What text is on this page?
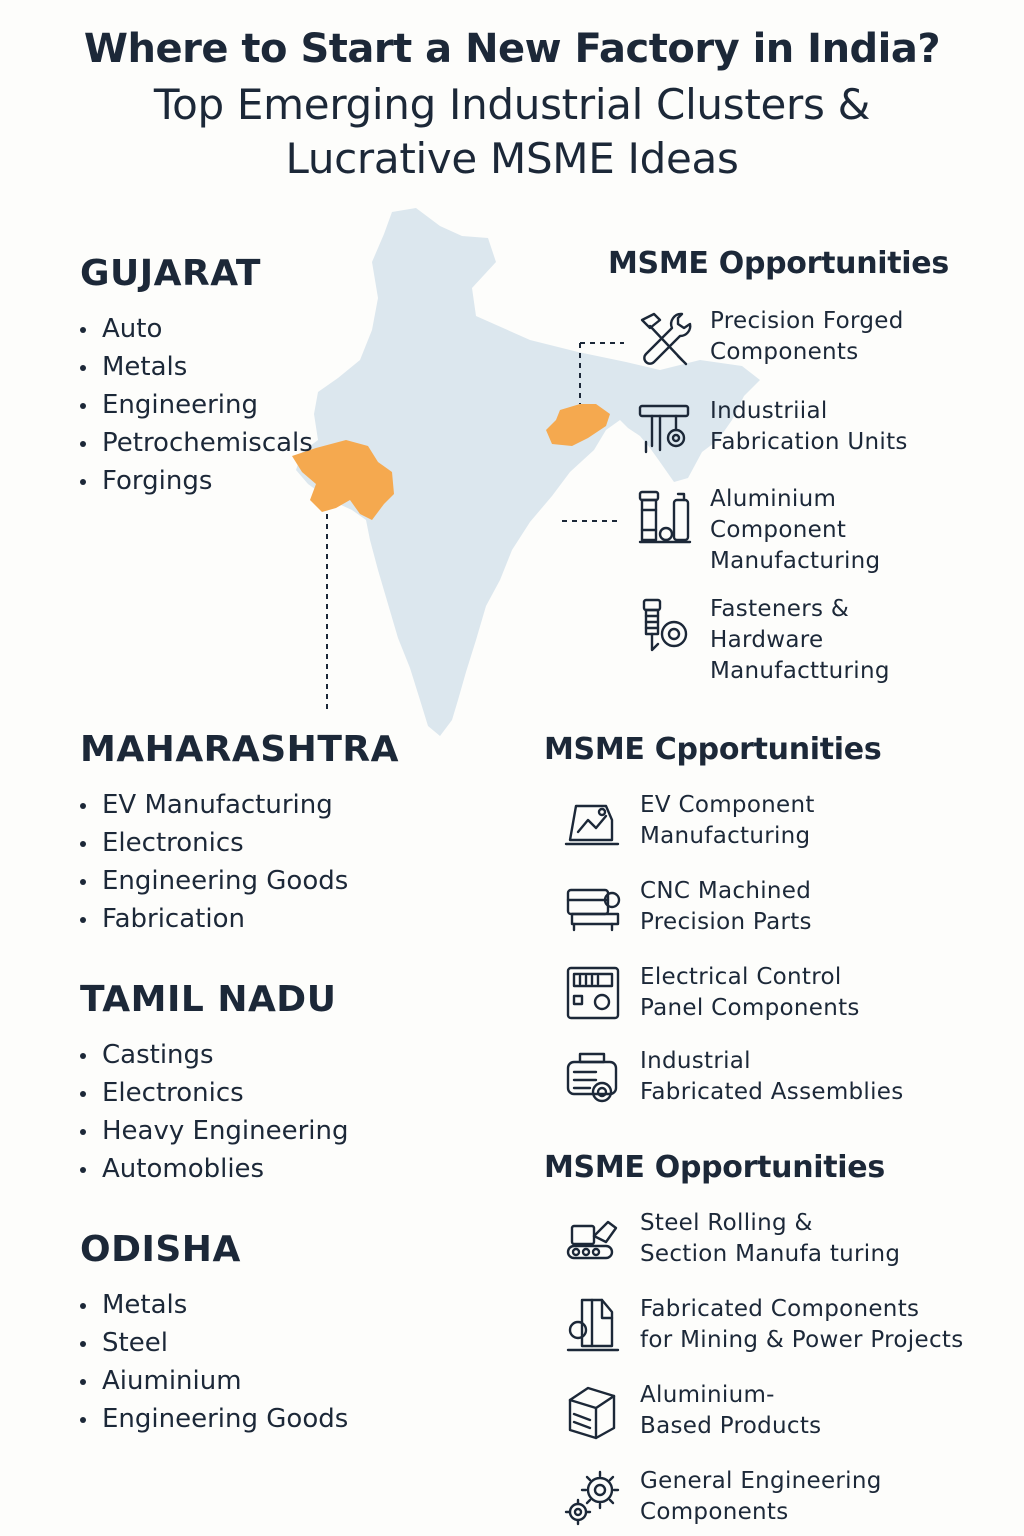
Where to Start a New Factory in India?
Top Emerging Industrial Clusters &
Lucrative MSME Ideas
GUJARAT
Auto
Metals
Engineering
Petrochemiscals
Forgings
MAHARASHTRA
EV Manufacturing
Electronics
Engineering Goods
Fabrication
TAMIL NADU
Castings
Electronics
Heavy Engineering
Automoblies
ODISHA
Metals
Steel
Aiuminium
Engineering Goods
MSME Opportunities
Precision Forged
Components
Industriial
Fabrication Units
Aluminium
Component
Manufacturing
Fasteners &
Hardware
Manufactturing
MSME Cpportunities
EV Component
Manufacturing
CNC Machined
Precision Parts
Electrical Control
Panel Components
Industrial
Fabricated Assemblies
MSME Opportunities
Steel Rolling &
Section Manufa turing
Fabricated Components
for Mining & Power Projects
Aluminium-
Based Products
General Engineering
Components
